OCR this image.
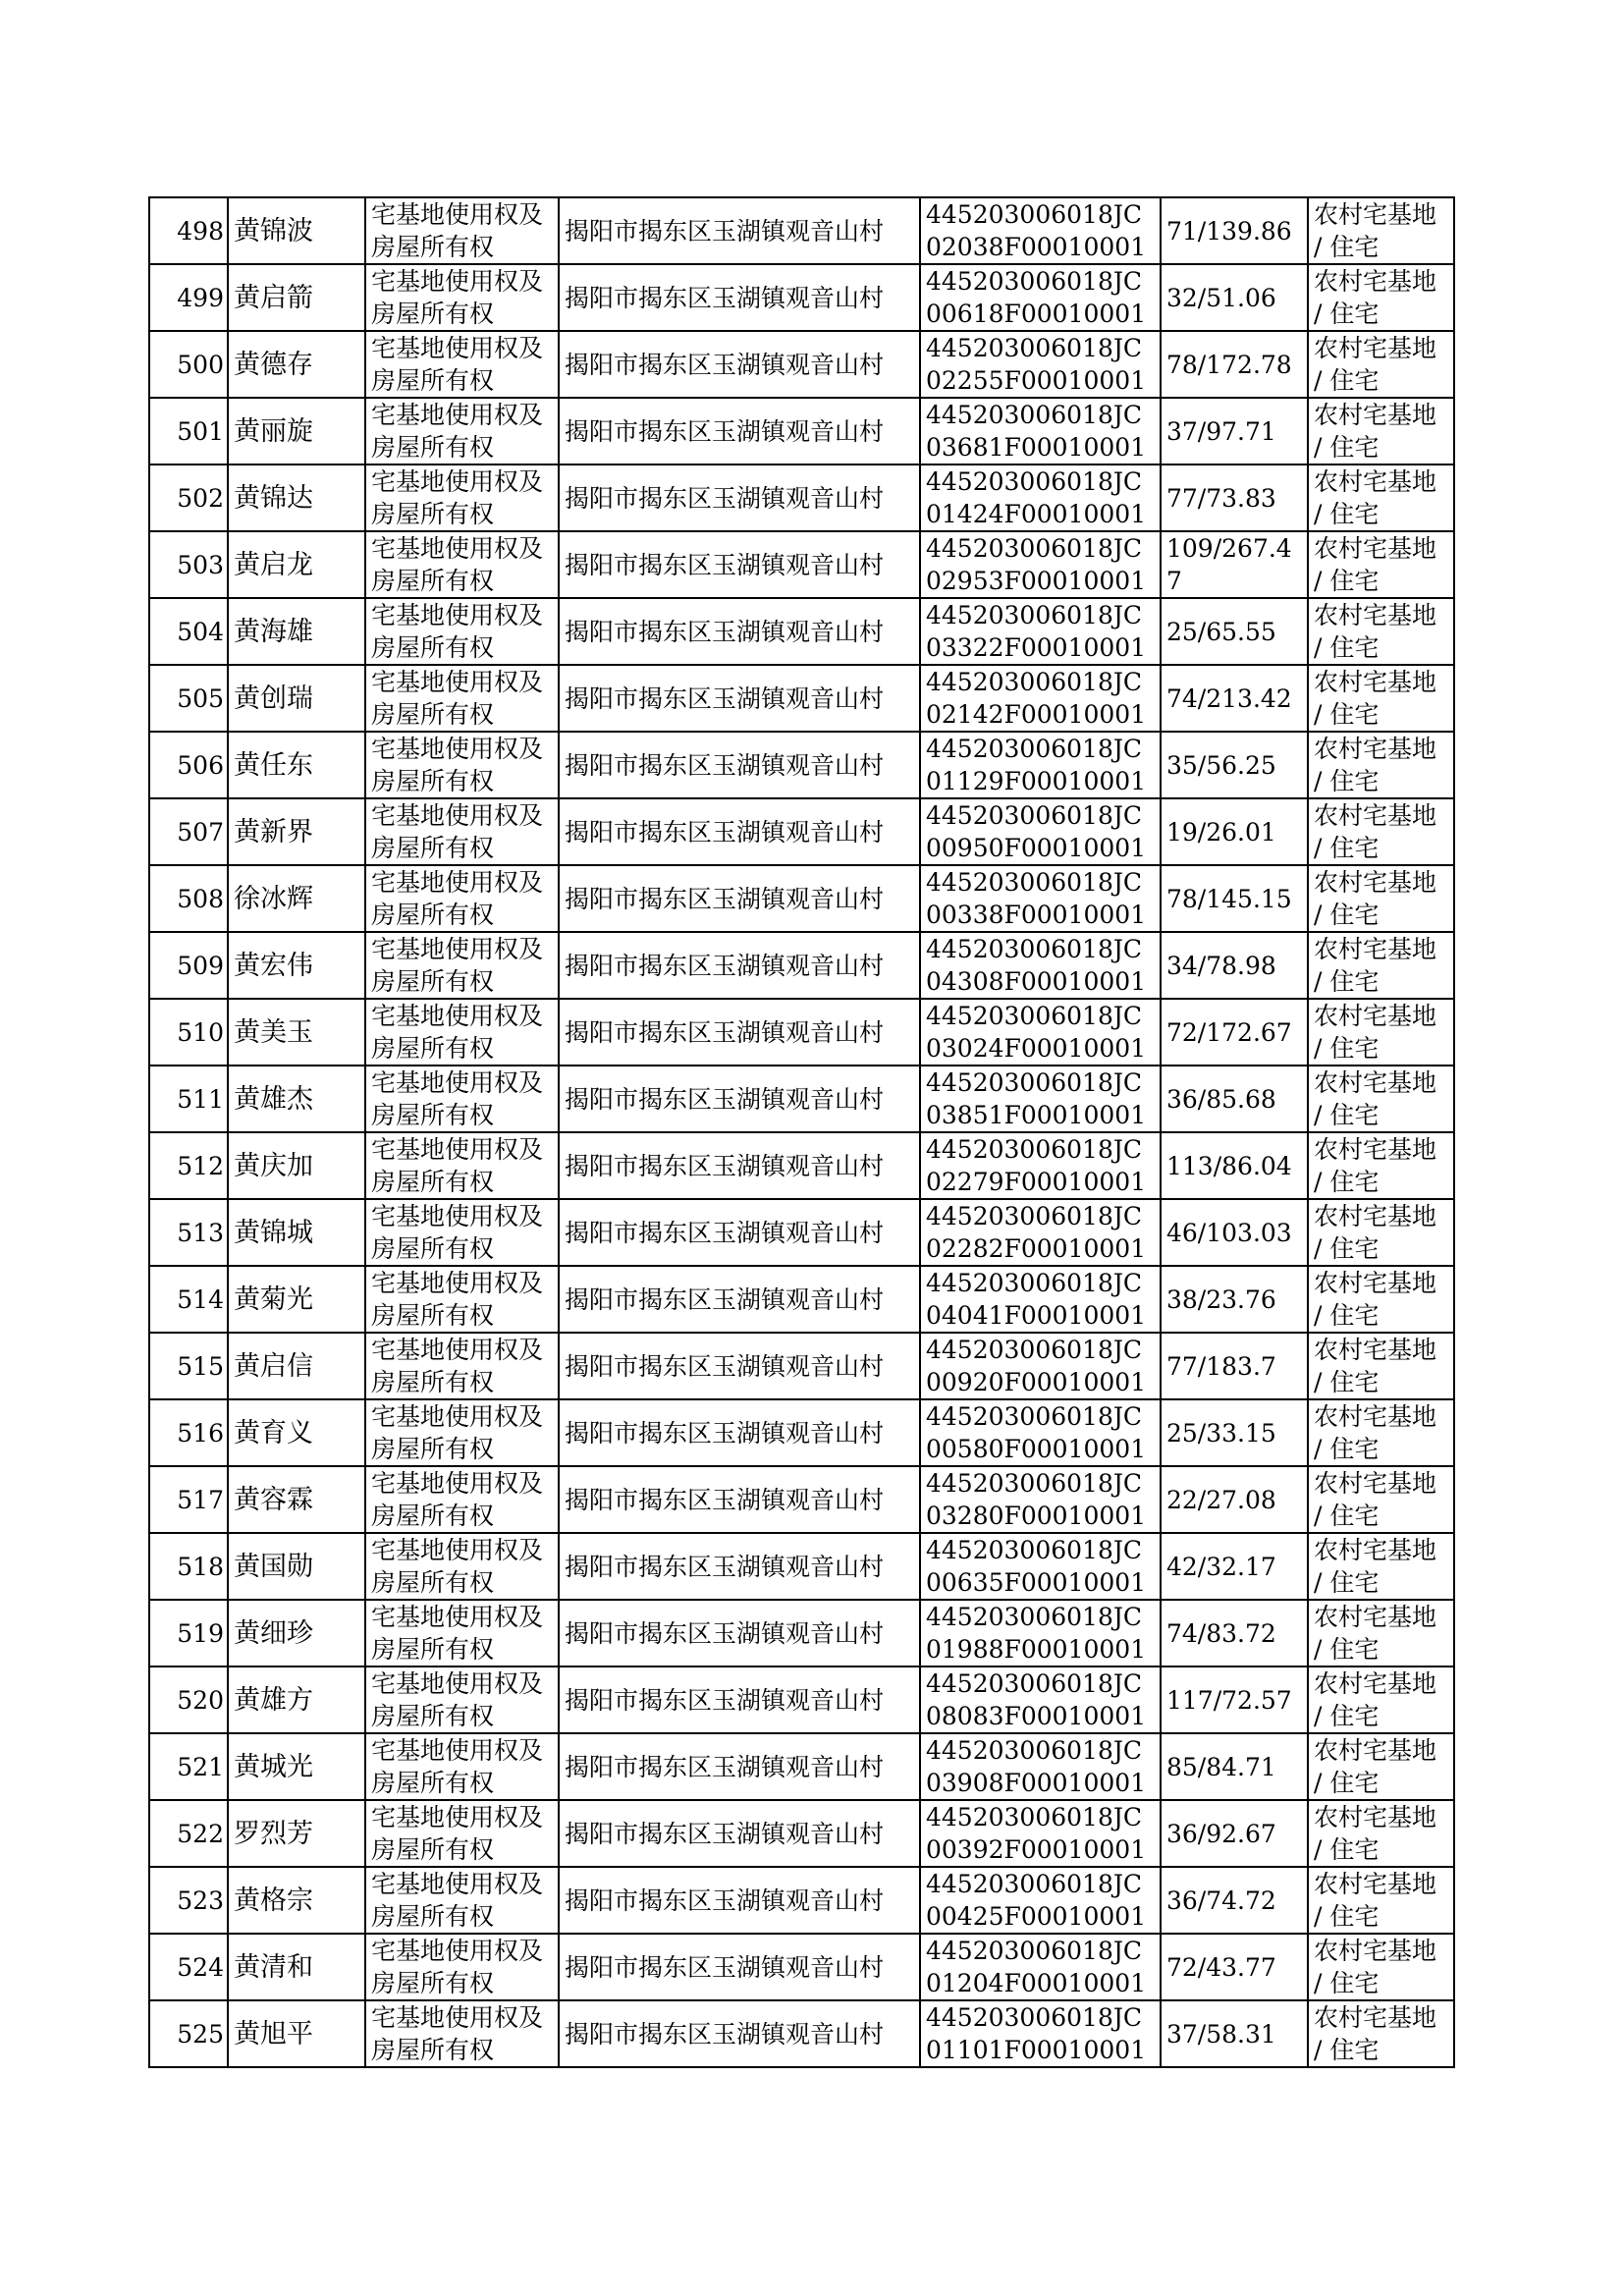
498	黄锦波	宅基地使用权及房屋所有权	揭阳市揭东区玉湖镇观音山村	445203006018JC02038F00010001	71/139.86	农村宅基地 / 住宅
499	黄启箭	宅基地使用权及房屋所有权	揭阳市揭东区玉湖镇观音山村	445203006018JC00618F00010001	32/51.06	农村宅基地 / 住宅
500	黄德存	宅基地使用权及房屋所有权	揭阳市揭东区玉湖镇观音山村	445203006018JC02255F00010001	78/172.78	农村宅基地 / 住宅
501	黄丽旋	宅基地使用权及房屋所有权	揭阳市揭东区玉湖镇观音山村	445203006018JC03681F00010001	37/97.71	农村宅基地 / 住宅
502	黄锦达	宅基地使用权及房屋所有权	揭阳市揭东区玉湖镇观音山村	445203006018JC01424F00010001	77/73.83	农村宅基地 / 住宅
503	黄启龙	宅基地使用权及房屋所有权	揭阳市揭东区玉湖镇观音山村	445203006018JC02953F00010001	109/267.47	农村宅基地 / 住宅
504	黄海雄	宅基地使用权及房屋所有权	揭阳市揭东区玉湖镇观音山村	445203006018JC03322F00010001	25/65.55	农村宅基地 / 住宅
505	黄创瑞	宅基地使用权及房屋所有权	揭阳市揭东区玉湖镇观音山村	445203006018JC02142F00010001	74/213.42	农村宅基地 / 住宅
506	黄任东	宅基地使用权及房屋所有权	揭阳市揭东区玉湖镇观音山村	445203006018JC01129F00010001	35/56.25	农村宅基地 / 住宅
507	黄新界	宅基地使用权及房屋所有权	揭阳市揭东区玉湖镇观音山村	445203006018JC00950F00010001	19/26.01	农村宅基地 / 住宅
508	徐冰辉	宅基地使用权及房屋所有权	揭阳市揭东区玉湖镇观音山村	445203006018JC00338F00010001	78/145.15	农村宅基地 / 住宅
509	黄宏伟	宅基地使用权及房屋所有权	揭阳市揭东区玉湖镇观音山村	445203006018JC04308F00010001	34/78.98	农村宅基地 / 住宅
510	黄美玉	宅基地使用权及房屋所有权	揭阳市揭东区玉湖镇观音山村	445203006018JC03024F00010001	72/172.67	农村宅基地 / 住宅
511	黄雄杰	宅基地使用权及房屋所有权	揭阳市揭东区玉湖镇观音山村	445203006018JC03851F00010001	36/85.68	农村宅基地 / 住宅
512	黄庆加	宅基地使用权及房屋所有权	揭阳市揭东区玉湖镇观音山村	445203006018JC02279F00010001	113/86.04	农村宅基地 / 住宅
513	黄锦城	宅基地使用权及房屋所有权	揭阳市揭东区玉湖镇观音山村	445203006018JC02282F00010001	46/103.03	农村宅基地 / 住宅
514	黄菊光	宅基地使用权及房屋所有权	揭阳市揭东区玉湖镇观音山村	445203006018JC04041F00010001	38/23.76	农村宅基地 / 住宅
515	黄启信	宅基地使用权及房屋所有权	揭阳市揭东区玉湖镇观音山村	445203006018JC00920F00010001	77/183.7	农村宅基地 / 住宅
516	黄育义	宅基地使用权及房屋所有权	揭阳市揭东区玉湖镇观音山村	445203006018JC00580F00010001	25/33.15	农村宅基地 / 住宅
517	黄容霖	宅基地使用权及房屋所有权	揭阳市揭东区玉湖镇观音山村	445203006018JC03280F00010001	22/27.08	农村宅基地 / 住宅
518	黄国勋	宅基地使用权及房屋所有权	揭阳市揭东区玉湖镇观音山村	445203006018JC00635F00010001	42/32.17	农村宅基地 / 住宅
519	黄细珍	宅基地使用权及房屋所有权	揭阳市揭东区玉湖镇观音山村	445203006018JC01988F00010001	74/83.72	农村宅基地 / 住宅
520	黄雄方	宅基地使用权及房屋所有权	揭阳市揭东区玉湖镇观音山村	445203006018JC08083F00010001	117/72.57	农村宅基地 / 住宅
521	黄城光	宅基地使用权及房屋所有权	揭阳市揭东区玉湖镇观音山村	445203006018JC03908F00010001	85/84.71	农村宅基地 / 住宅
522	罗烈芳	宅基地使用权及房屋所有权	揭阳市揭东区玉湖镇观音山村	445203006018JC00392F00010001	36/92.67	农村宅基地 / 住宅
523	黄格宗	宅基地使用权及房屋所有权	揭阳市揭东区玉湖镇观音山村	445203006018JC00425F00010001	36/74.72	农村宅基地 / 住宅
524	黄清和	宅基地使用权及房屋所有权	揭阳市揭东区玉湖镇观音山村	445203006018JC01204F00010001	72/43.77	农村宅基地 / 住宅
525	黄旭平	宅基地使用权及房屋所有权	揭阳市揭东区玉湖镇观音山村	445203006018JC01101F00010001	37/58.31	农村宅基地 / 住宅
